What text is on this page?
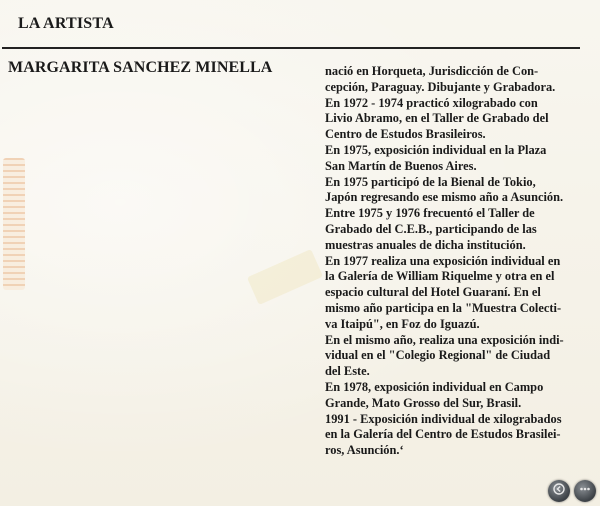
LA ARTISTA
MARGARITA SANCHEZ MINELLA	nació en Horqueta, Jurisdicción de Con-
cepción, Paraguay. Dibujante y Grabadora.
En 1972 - 1974 practicó xilograbado con
Livio Abramo, en el Taller de Grabado del
Centro de Estudos Brasileiros.
En 1975, exposición individual en la Plaza
San Martín de Buenos Aires.
En 1975 participó de la Bienal de Tokio,
Japón regresando ese mismo año a Asunción.
Entre 1975 y 1976 frecuentó el Taller de
Grabado del C.E.B., participando de las
muestras anuales de dicha institución.
En 1977 realiza una exposición individual en
la Galería de William Riquelme y otra en el
espacio cultural del Hotel Guaraní. En el
mismo año participa en la "Muestra Colecti-
va Itaipú", en Foz do Iguazú.
En el mismo año, realiza una exposición indi-
vidual en el "Colegio Regional" de Ciudad
del Este.
En 1978, exposición individual en Campo
Grande, Mato Grosso del Sur, Brasil.
1991 - Exposición individual de xilograbados
en la Galería del Centro de Estudos Brasilei-
ros, Asunción.‘
